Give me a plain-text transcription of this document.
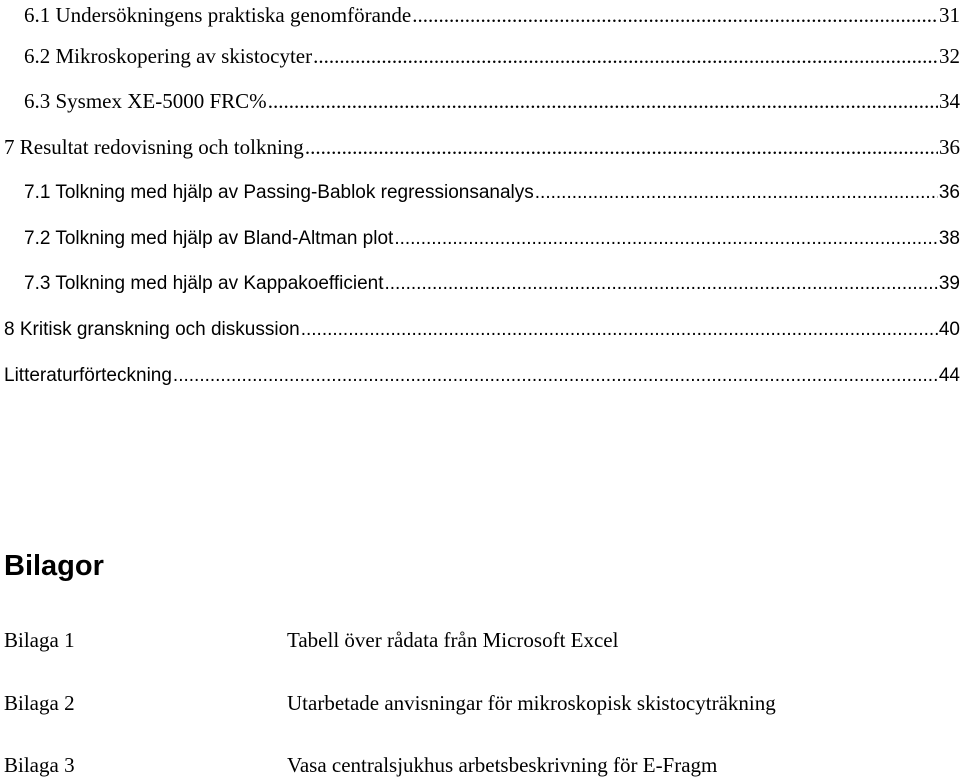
6.1 Undersökningens praktiska genomförande .....	31
6.2 Mikroskopering av skistocyter .....	32
6.3 Sysmex XE-5000 FRC% .....	34
7 Resultat redovisning och tolkning .....	36
7.1 Tolkning med hjälp av Passing-Bablok regressionsanalys .....	36
7.2 Tolkning med hjälp av Bland-Altman plot .....	38
7.3 Tolkning med hjälp av Kappakoefficient .....	39
8 Kritisk granskning och diskussion .....	40
Litteraturförteckning .....	44
Bilagor
Bilaga 1	Tabell över rådata från Microsoft Excel
Bilaga 2	Utarbetade anvisningar för mikroskopisk skistocyträkning
Bilaga 3	Vasa centralsjukhus arbetsbeskrivning för E-Fragm
